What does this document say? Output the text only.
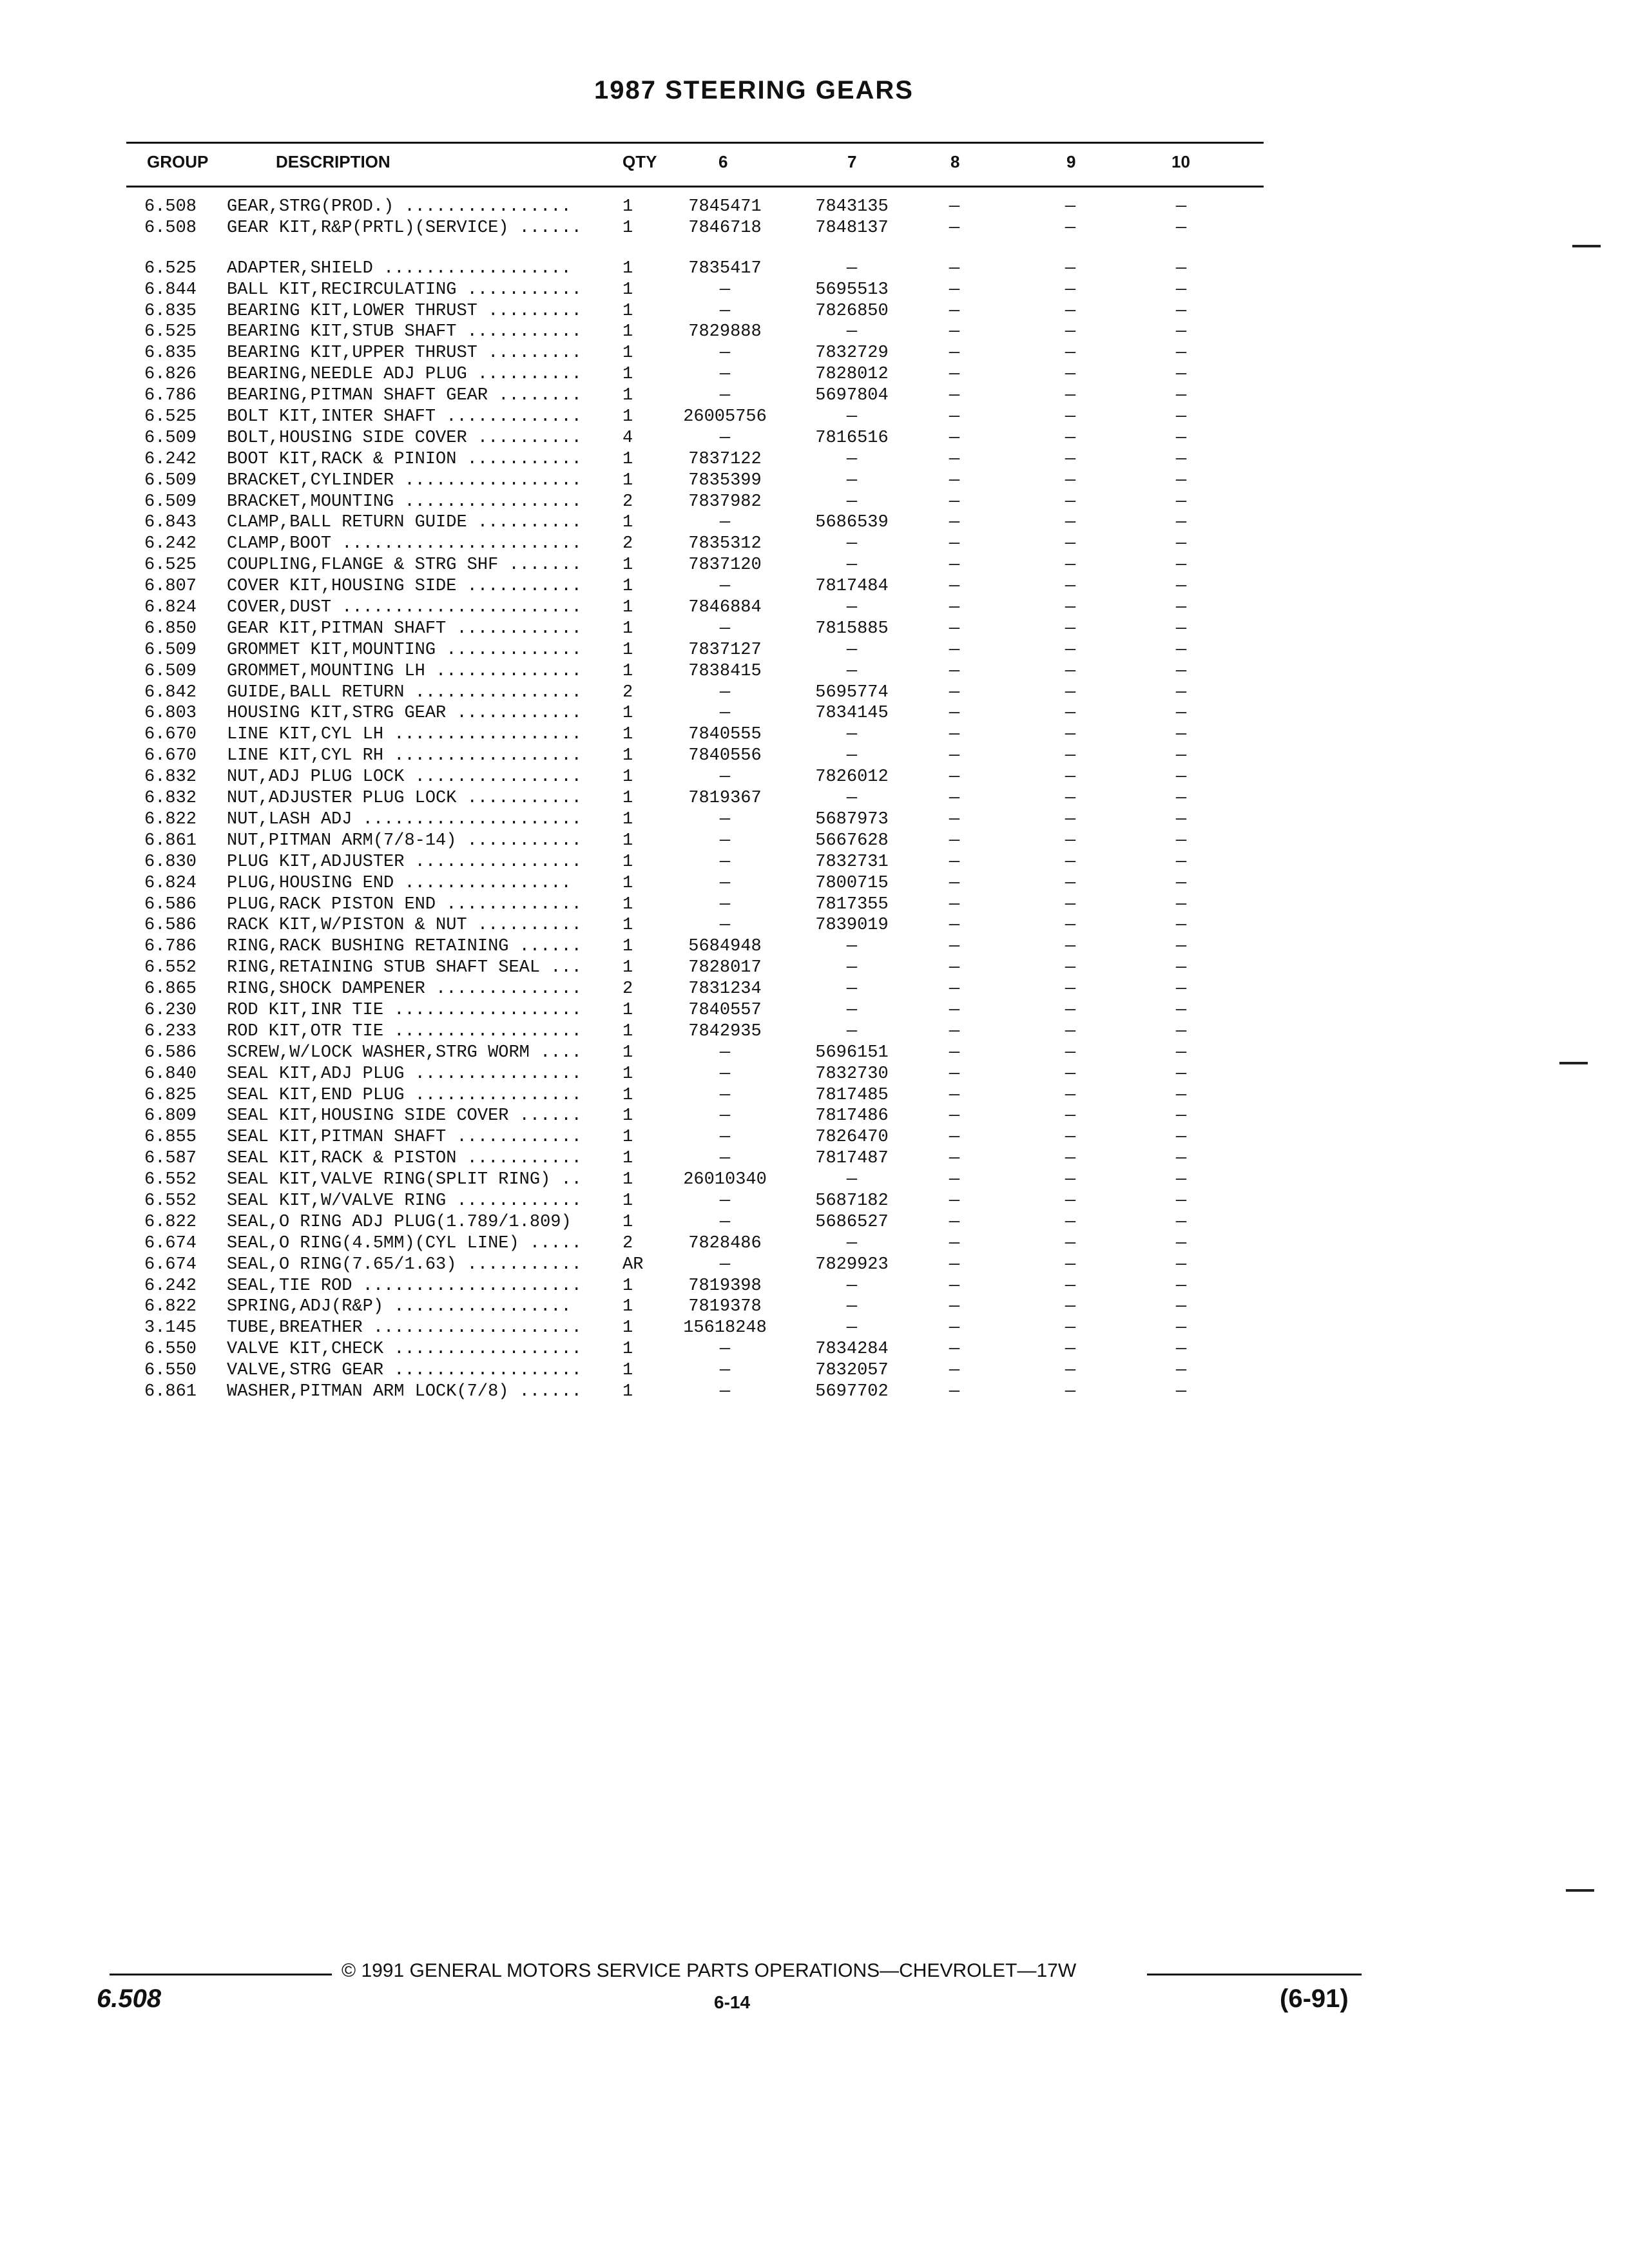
1987 STEERING GEARS
GROUP	DESCRIPTION	QTY	6	7	8	9	10
6.508 GEAR,STRG(PROD.) ................	1	7845471	7843135	—	—	—
6.508 GEAR KIT,R&P(PRTL)(SERVICE) ...... 1	7846718	7848137	—	—	—
6.525 ADAPTER,SHIELD ..................	1	7835417	—	—	—	—
6.844 BALL KIT,RECIRCULATING ........... 1	—	5695513	—	—	—
6.835 BEARING KIT,LOWER THRUST ......... 1	—	7826850	—	—	—
6.525 BEARING KIT,STUB SHAFT ........... 1	7829888	—	—	—	—
6.835 BEARING KIT,UPPER THRUST ......... 1	—	7832729	—	—	—
6.826 BEARING,NEEDLE ADJ PLUG .......... 1	—	7828012	—	—	—
6.786 BEARING,PITMAN SHAFT GEAR ........ 1	—	5697804	—	—	—
6.525 BOLT KIT,INTER SHAFT ............. 1	26005756	—	—	—	—
6.509 BOLT,HOUSING SIDE COVER .......... 4	—	7816516	—	—	—
6.242 BOOT KIT,RACK & PINION ........... 1	7837122	—	—	—	—
6.509 BRACKET,CYLINDER ................. 1	7835399	—	—	—	—
6.509 BRACKET,MOUNTING ................. 2	7837982	—	—	—	—
6.843 CLAMP,BALL RETURN GUIDE .......... 1	—	5686539	—	—	—
6.242 CLAMP,BOOT ....................... 2	7835312	—	—	—	—
6.525 COUPLING,FLANGE & STRG SHF ....... 1	7837120	—	—	—	—
6.807 COVER KIT,HOUSING SIDE ........... 1	—	7817484	—	—	—
6.824 COVER,DUST ....................... 1	7846884	—	—	—	—
6.850 GEAR KIT,PITMAN SHAFT ............ 1	—	7815885	—	—	—
6.509 GROMMET KIT,MOUNTING ............. 1	7837127	—	—	—	—
6.509 GROMMET,MOUNTING LH .............. 1	7838415	—	—	—	—
6.842 GUIDE,BALL RETURN ................ 2	—	5695774	—	—	—
6.803 HOUSING KIT,STRG GEAR ............ 1	—	7834145	—	—	—
6.670 LINE KIT,CYL LH .................. 1	7840555	—	—	—	—
6.670 LINE KIT,CYL RH .................. 1	7840556	—	—	—	—
6.832 NUT,ADJ PLUG LOCK ................ 1	—	7826012	—	—	—
6.832 NUT,ADJUSTER PLUG LOCK ........... 1	7819367	—	—	—	—
6.822 NUT,LASH ADJ ..................... 1	—	5687973	—	—	—
6.861 NUT,PITMAN ARM(7/8-14) ........... 1	—	5667628	—	—	—
6.830 PLUG KIT,ADJUSTER ................ 1	—	7832731	—	—	—
6.824 PLUG,HOUSING END ................	1	—	7800715	—	—	—
6.586 PLUG,RACK PISTON END ............. 1	—	7817355	—	—	—
6.586 RACK KIT,W/PISTON & NUT .......... 1	—	7839019	—	—	—
6.786 RING,RACK BUSHING RETAINING ...... 1	5684948	—	—	—	—
6.552 RING,RETAINING STUB SHAFT SEAL ... 1	7828017	—	—	—	—
6.865 RING,SHOCK DAMPENER .............. 2	7831234	—	—	—	—
6.230 ROD KIT,INR TIE .................. 1	7840557	—	—	—	—
6.233 ROD KIT,OTR TIE .................. 1	7842935	—	—	—	—
6.586 SCREW,W/LOCK WASHER,STRG WORM .... 1	—	5696151	—	—	—
6.840 SEAL KIT,ADJ PLUG ................ 1	—	7832730	—	—	—
6.825 SEAL KIT,END PLUG ................ 1	—	7817485	—	—	—
6.809 SEAL KIT,HOUSING SIDE COVER ...... 1	—	7817486	—	—	—
6.855 SEAL KIT,PITMAN SHAFT ............ 1	—	7826470	—	—	—
6.587 SEAL KIT,RACK & PISTON ........... 1	—	7817487	—	—	—
6.552 SEAL KIT,VALVE RING(SPLIT RING) .. 1	26010340	—	—	—	—
6.552 SEAL KIT,W/VALVE RING ............ 1	—	5687182	—	—	—
6.822 SEAL,O RING ADJ PLUG(1.789/1.809)	1	—	5686527	—	—	—
6.674 SEAL,O RING(4.5MM)(CYL LINE) ..... 2	7828486	—	—	—	—
6.674 SEAL,O RING(7.65/1.63) ........... AR	—	7829923	—	—	—
6.242 SEAL,TIE ROD ..................... 1	7819398	—	—	—	—
6.822 SPRING,ADJ(R&P) .................	1	7819378	—	—	—	—
3.145 TUBE,BREATHER .................... 1	15618248	—	—	—	—
6.550 VALVE KIT,CHECK .................. 1	—	7834284	—	—	—
6.550 VALVE,STRG GEAR .................. 1	—	7832057	—	—	—
6.861 WASHER,PITMAN ARM LOCK(7/8) ...... 1	—	5697702	—	—	—
© 1991 GENERAL MOTORS SERVICE PARTS OPERATIONS—CHEVROLET—17W
6.508	6-14	(6-91)
